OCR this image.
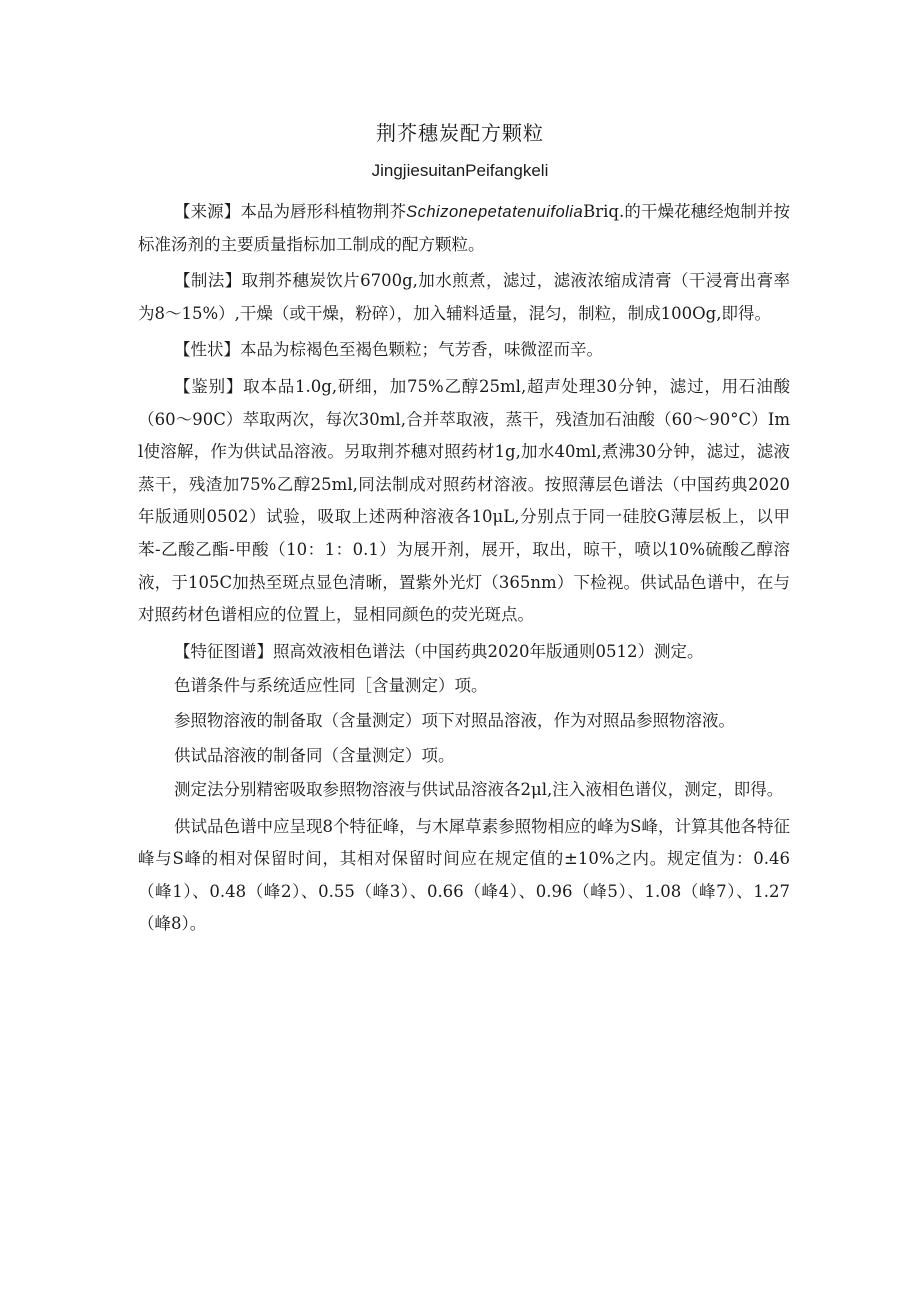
荆芥穗炭配方颗粒
JingjiesuitanPeifangkeli

【来源】本品为唇形科植物荆芥SchizonepetatenuifoliaBriq.的干燥花穗经炮制并按标准汤剂的主要质量指标加工制成的配方颗粒。

【制法】取荆芥穗炭饮片6700g,加水煎煮，滤过，滤液浓缩成清膏（干浸膏出膏率为8～15%）,干燥（或干燥，粉碎），加入辅料适量，混匀，制粒，制成100Og,即得。

【性状】本品为棕褐色至褐色颗粒；气芳香，味微涩而辛。

【鉴别】取本品1.0g,研细，加75%乙醇25ml,超声处理30分钟，滤过，用石油酸（60～90C）萃取两次，每次30ml,合并萃取液，蒸干，残渣加石油酸（60～90°C）Iml使溶解，作为供试品溶液。另取荆芥穗对照药材1g,加水40ml,煮沸30分钟，滤过，滤液蒸干，残渣加75%乙醇25ml,同法制成对照药材溶液。按照薄层色谱法（中国药典2020年版通则0502）试验，吸取上述两种溶液各10μL,分别点于同一硅胶G薄层板上，以甲苯-乙酸乙酯-甲酸（10：1：0.1）为展开剂，展开，取出，晾干，喷以10%硫酸乙醇溶液，于105C加热至斑点显色清晰，置紫外光灯（365nm）下检视。供试品色谱中，在与对照药材色谱相应的位置上，显相同颜色的荧光斑点。

【特征图谱】照高效液相色谱法（中国药典2020年版通则0512）测定。

色谱条件与系统适应性同［含量测定）项。

参照物溶液的制备取（含量测定）项下对照品溶液，作为对照品参照物溶液。

供试品溶液的制备同（含量测定）项。

测定法分别精密吸取参照物溶液与供试品溶液各2μl,注入液相色谱仪，测定，即得。

供试品色谱中应呈现8个特征峰，与木犀草素参照物相应的峰为S峰，计算其他各特征峰与S峰的相对保留时间，其相对保留时间应在规定值的±10%之内。规定值为：0.46（峰1）、0.48（峰2）、0.55（峰3）、0.66（峰4）、0.96（峰5）、1.08（峰7）、1.27（峰8）。
